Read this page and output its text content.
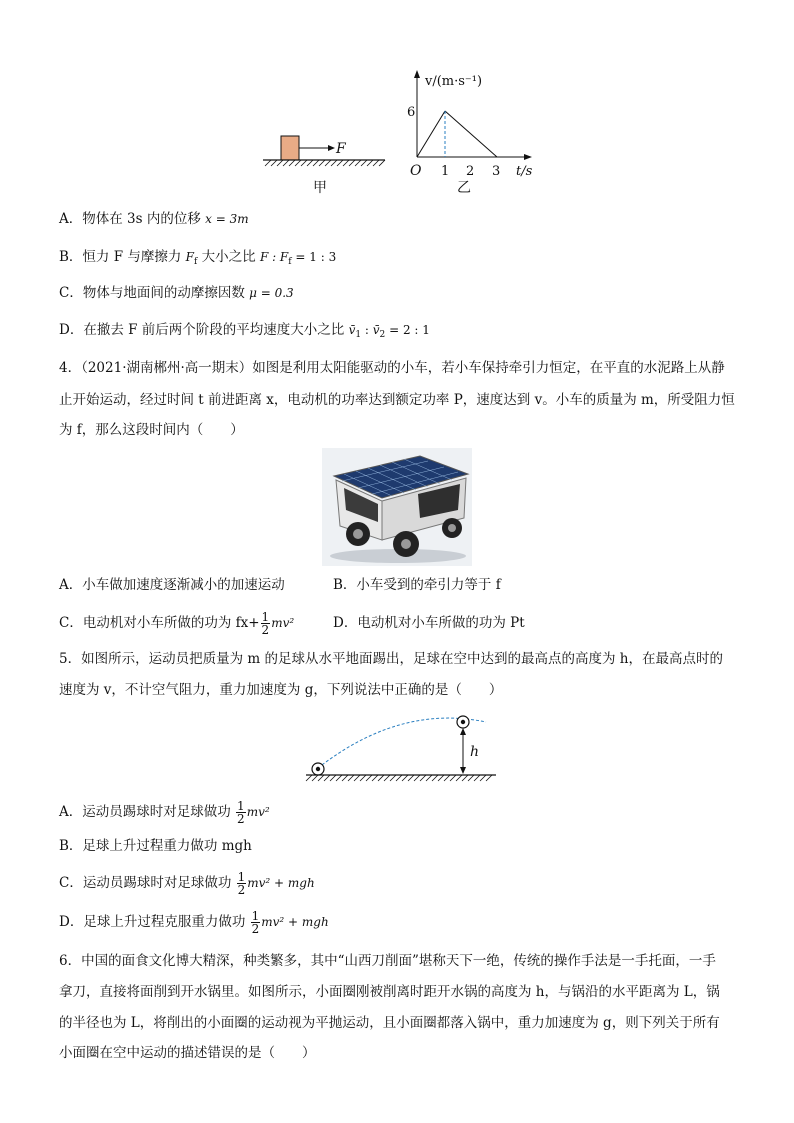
F
甲
v/(m·s⁻¹)
t/s
O
6
1 2 3
乙
A．物体在 3s 内的位移 x = 3m
B．恒力 F 与摩擦力 $F_f$ 大小之比 F : $F_f = 1$ : 3
C．物体与地面间的动摩擦因数 μ = 0.3
D．在撤去 F 前后两个阶段的平均速度大小之比 $v̄_1$ : $v̄_2 = 2$ : 1
4．（2021·湖南郴州·高一期末）如图是利用太阳能驱动的小车，若小车保持牵引力恒定，在平直的水泥路上从静
止开始运动，经过时间 t 前进距离 x，电动机的功率达到额定功率 P，速度达到 v。小车的质量为 m，所受阻力恒
为 f，那么这段时间内（　　）
A．小车做加速度逐渐减小的加速运动	B．小车受到的牵引力等于 f
C．电动机对小车所做的功为 $fx+ \frac{1}{2} mv^2$	D．电动机对小车所做的功为 Pt
5．如图所示，运动员把质量为 m 的足球从水平地面踢出，足球在空中达到的最高点的高度为 h，在最高点时的
速度为 v，不计空气阻力，重力加速度为 g，下列说法中正确的是（　　）
h
A．运动员踢球时对足球做功 $\frac{1}{2} mv^2$
B．足球上升过程重力做功 mgh
C．运动员踢球时对足球做功 $\frac{1}{2} mv^2$ + mgh
D．足球上升过程克服重力做功 $\frac{1}{2} mv^2$ + mgh
6．中国的面食文化博大精深，种类繁多，其中“山西刀削面”堪称天下一绝，传统的操作手法是一手托面，一手
拿刀，直接将面削到开水锅里。如图所示，小面圈刚被削离时距开水锅的高度为 h，与锅沿的水平距离为 L，锅
的半径也为 L，将削出的小面圈的运动视为平抛运动，且小面圈都落入锅中，重力加速度为 g，则下列关于所有
小面圈在空中运动的描述错误的是（　　）
